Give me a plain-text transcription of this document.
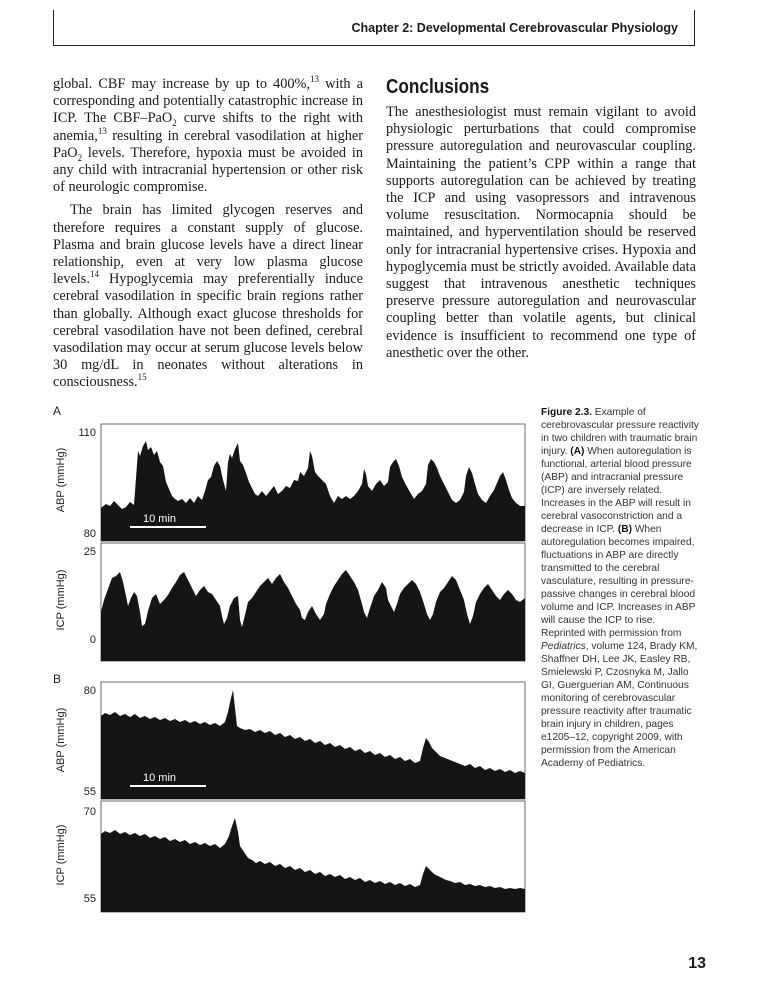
Chapter 2: Developmental Cerebrovascular Physiology

global. CBF may increase by up to 400%,$^{13}$ with a corresponding and potentially catastrophic increase in ICP. The CBF–PaO$_2$ curve shifts to the right with anemia,$^{13}$ resulting in cerebral vasodilation at higher PaO$_2$ levels. Therefore, hypoxia must be avoided in any child with intracranial hypertension or other risk of neurologic compromise.

The brain has limited glycogen reserves and therefore requires a constant supply of glucose. Plasma and brain glucose levels have a direct linear relationship, even at very low plasma glucose levels.$^{14}$ Hypoglycemia may preferentially induce cerebral vasodilation in specific brain regions rather than globally. Although exact glucose thresholds for cerebral vasodilation have not been defined, cerebral vasodilation may occur at serum glucose levels below 30 mg/dL in neonates without alterations in consciousness.$^{15}$

Conclusions

The anesthesiologist must remain vigilant to avoid physiologic perturbations that could compromise pressure autoregulation and neurovascular coupling. Maintaining the patient’s CPP within a range that supports autoregulation can be achieved by treating the ICP and using vasopressors and intravenous volume resuscitation. Normocapnia should be maintained, and hyperventilation should be reserved only for intracranial hypertensive crises. Hypoxia and hypoglycemia must be strictly avoided. Available data suggest that intravenous anesthetic techniques preserve pressure autoregulation and neurovascular coupling better than volatile agents, but clinical evidence is insufficient to recommend one type of anesthetic over the other.

A
B
ABP (mmHg)
110
80
10 min
ICP (mmHg)
25
0
ABP (mmHg)
80
55
10 min
ICP (mmHg)
70
55
Figure 2.3. Example of cerebrovascular pressure reactivity in two children with traumatic brain injury. (A) When autoregulation is functional, arterial blood pressure (ABP) and intracranial pressure (ICP) are inversely related. Increases in the ABP will result in cerebral vasoconstriction and a decrease in ICP. (B) When autoregulation becomes impaired, fluctuations in ABP are directly transmitted to the cerebral vasculature, resulting in pressure-passive changes in cerebral blood volume and ICP. Increases in ABP will cause the ICP to rise. Reprinted with permission from Pediatrics, volume 124, Brady KM, Shaffner DH, Lee JK, Easley RB, Smielewski P, Czosnyka M, Jallo GI, Guerguerian AM, Continuous monitoring of cerebrovascular pressure reactivity after traumatic brain injury in children, pages e1205–12, copyright 2009, with permission from the American Academy of Pediatrics.
13
